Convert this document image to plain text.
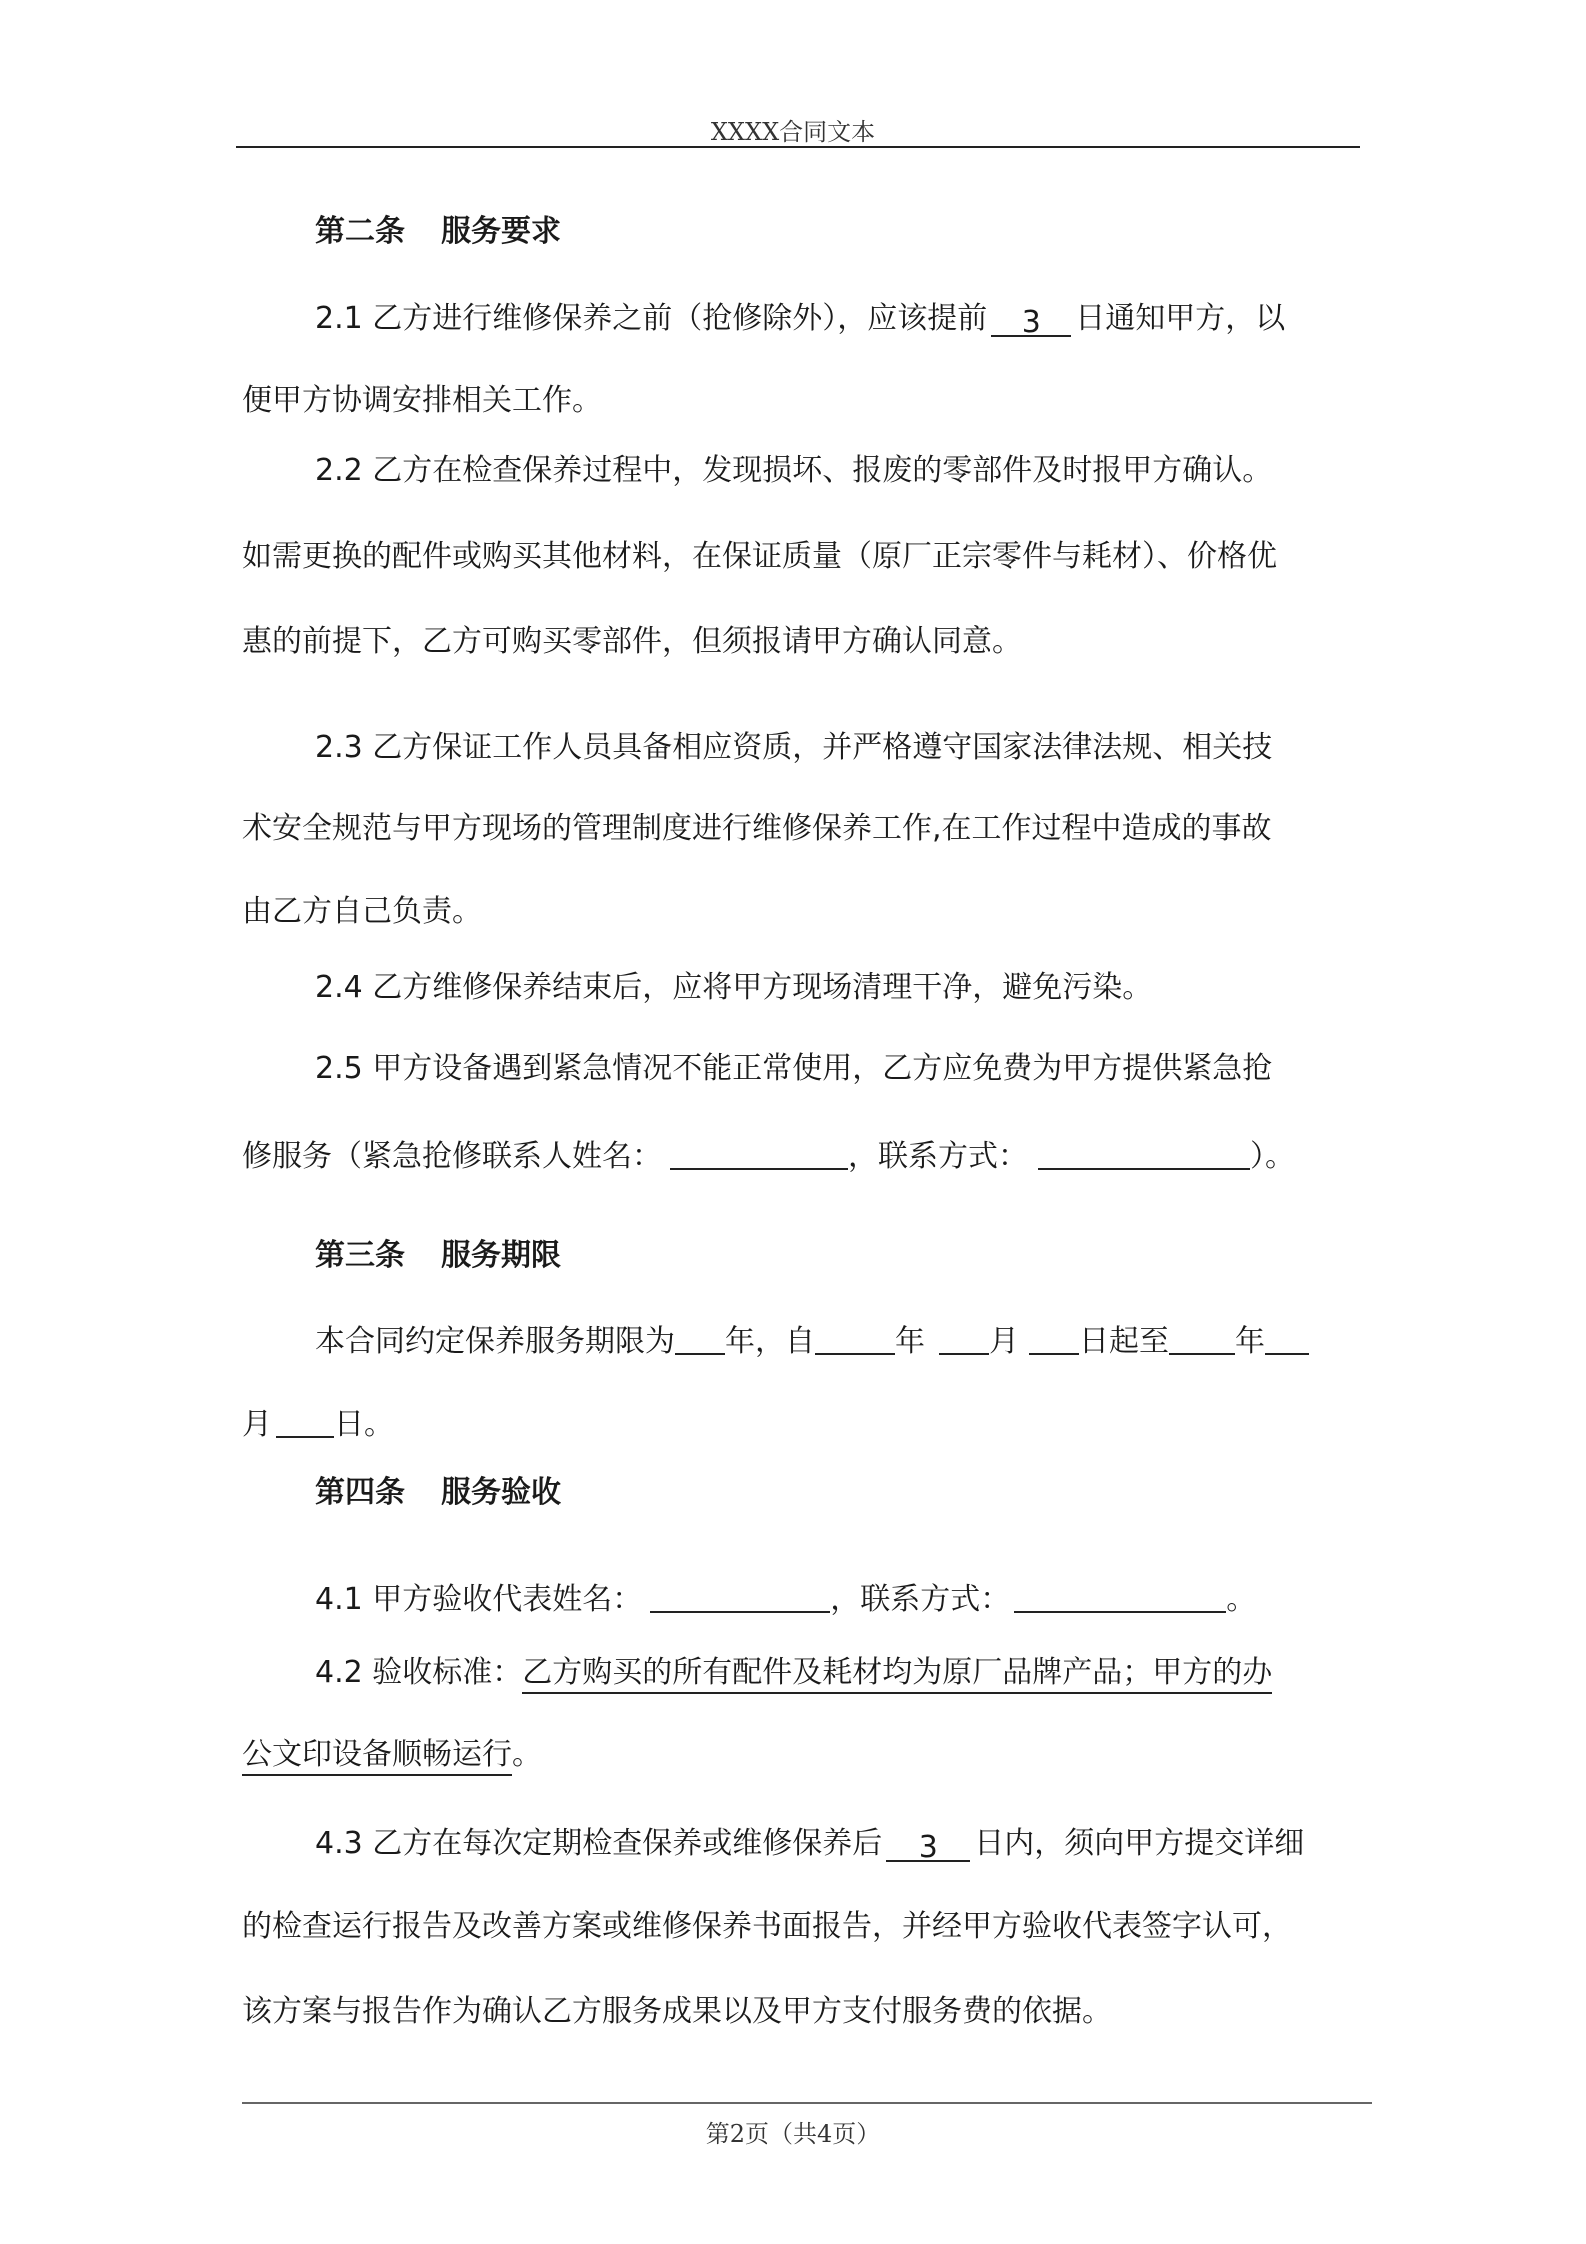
XXXX合同文本
第二条 服务要求
2.1 乙方进行维修保养之前（抢修除外），应该提前 3 日通知甲方，以
便甲方协调安排相关工作。
2.2 乙方在检查保养过程中，发现损坏、报废的零部件及时报甲方确认。
如需更换的配件或购买其他材料，在保证质量（原厂正宗零件与耗材）、价格优
惠的前提下，乙方可购买零部件，但须报请甲方确认同意。
2.3 乙方保证工作人员具备相应资质，并严格遵守国家法律法规、相关技
术安全规范与甲方现场的管理制度进行维修保养工作,在工作过程中造成的事故
由乙方自己负责。
2.4 乙方维修保养结束后，应将甲方现场清理干净，避免污染。
2.5 甲方设备遇到紧急情况不能正常使用，乙方应免费为甲方提供紧急抢
修服务（紧急抢修联系人姓名：	，联系方式：	）。
第三条 服务期限
本合同约定保养服务期限为 年，自	年 月 日起至 年
月 日。
第四条 服务验收
4.1 甲方验收代表姓名：	，联系方式：	。
4.2 验收标准：乙方购买的所有配件及耗材均为原厂品牌产品；甲方的办
公文印设备顺畅运行。
4.3 乙方在每次定期检查保养或维修保养后 3 日内，须向甲方提交详细
的检查运行报告及改善方案或维修保养书面报告，并经甲方验收代表签字认可，
该方案与报告作为确认乙方服务成果以及甲方支付服务费的依据。
第2页（共4页）
